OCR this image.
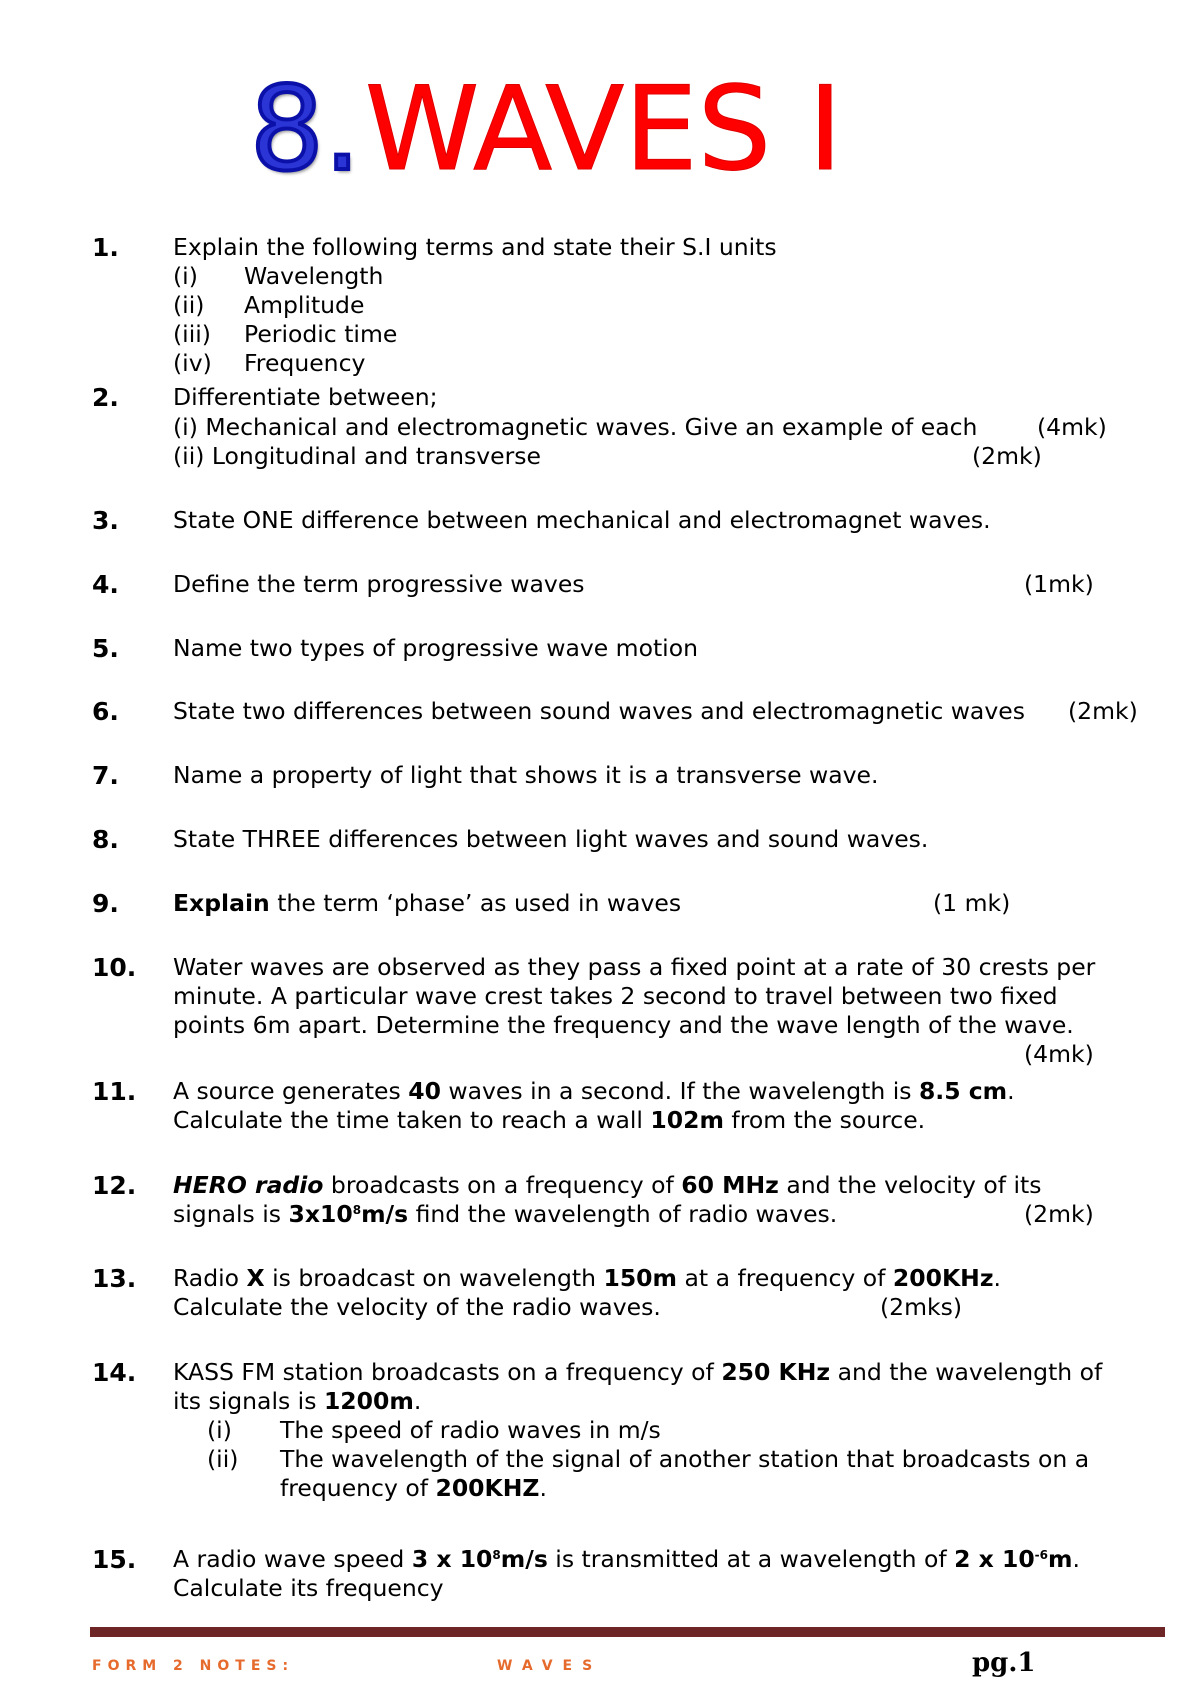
8.WAVES I
1. Explain the following terms and state their S.I units
(i) Wavelength
(ii) Amplitude
(iii) Periodic time
(iv) Frequency
2. Differentiate between;
(i) Mechanical and electromagnetic waves. Give an example of each	(4mk)
(ii) Longitudinal and transverse	(2mk)
3. State ONE difference between mechanical and electromagnet waves.
4. Define the term progressive waves	(1mk)
5. Name two types of progressive wave motion
6. State two differences between sound waves and electromagnetic waves (2mk)
7. Name a property of light that shows it is a transverse wave.
8. State THREE differences between light waves and sound waves.
9. Explain the term ‘phase’ as used in waves	(1 mk)
10. Water waves are observed as they pass a fixed point at a rate of 30 crests per
minute. A particular wave crest takes 2 second to travel between two fixed
points 6m apart. Determine the frequency and the wave length of the wave.
(4mk)
11. A source generates 40 waves in a second. If the wavelength is 8.5 cm.
Calculate the time taken to reach a wall 102m from the source.
12. HERO radio broadcasts on a frequency of 60 MHz and the velocity of its
signals is $3x10^8m/s$ find the wavelength of radio waves.	(2mk)
13. Radio X is broadcast on wavelength 150m at a frequency of 200KHz.
Calculate the velocity of the radio waves.	(2mks)
14. KASS FM station broadcasts on a frequency of 250 KHz and the wavelength of
its signals is 1200m.
(i) The speed of radio waves in m/s
(ii) The wavelength of the signal of another station that broadcasts on a
frequency of 200KHZ.
15. A radio wave speed 3 x $10^8m/s$ is transmitted at a wavelength of 2 x $10^{-6}m$.
Calculate its frequency
FORM 2 NOTES:	WAVES	pg.1
